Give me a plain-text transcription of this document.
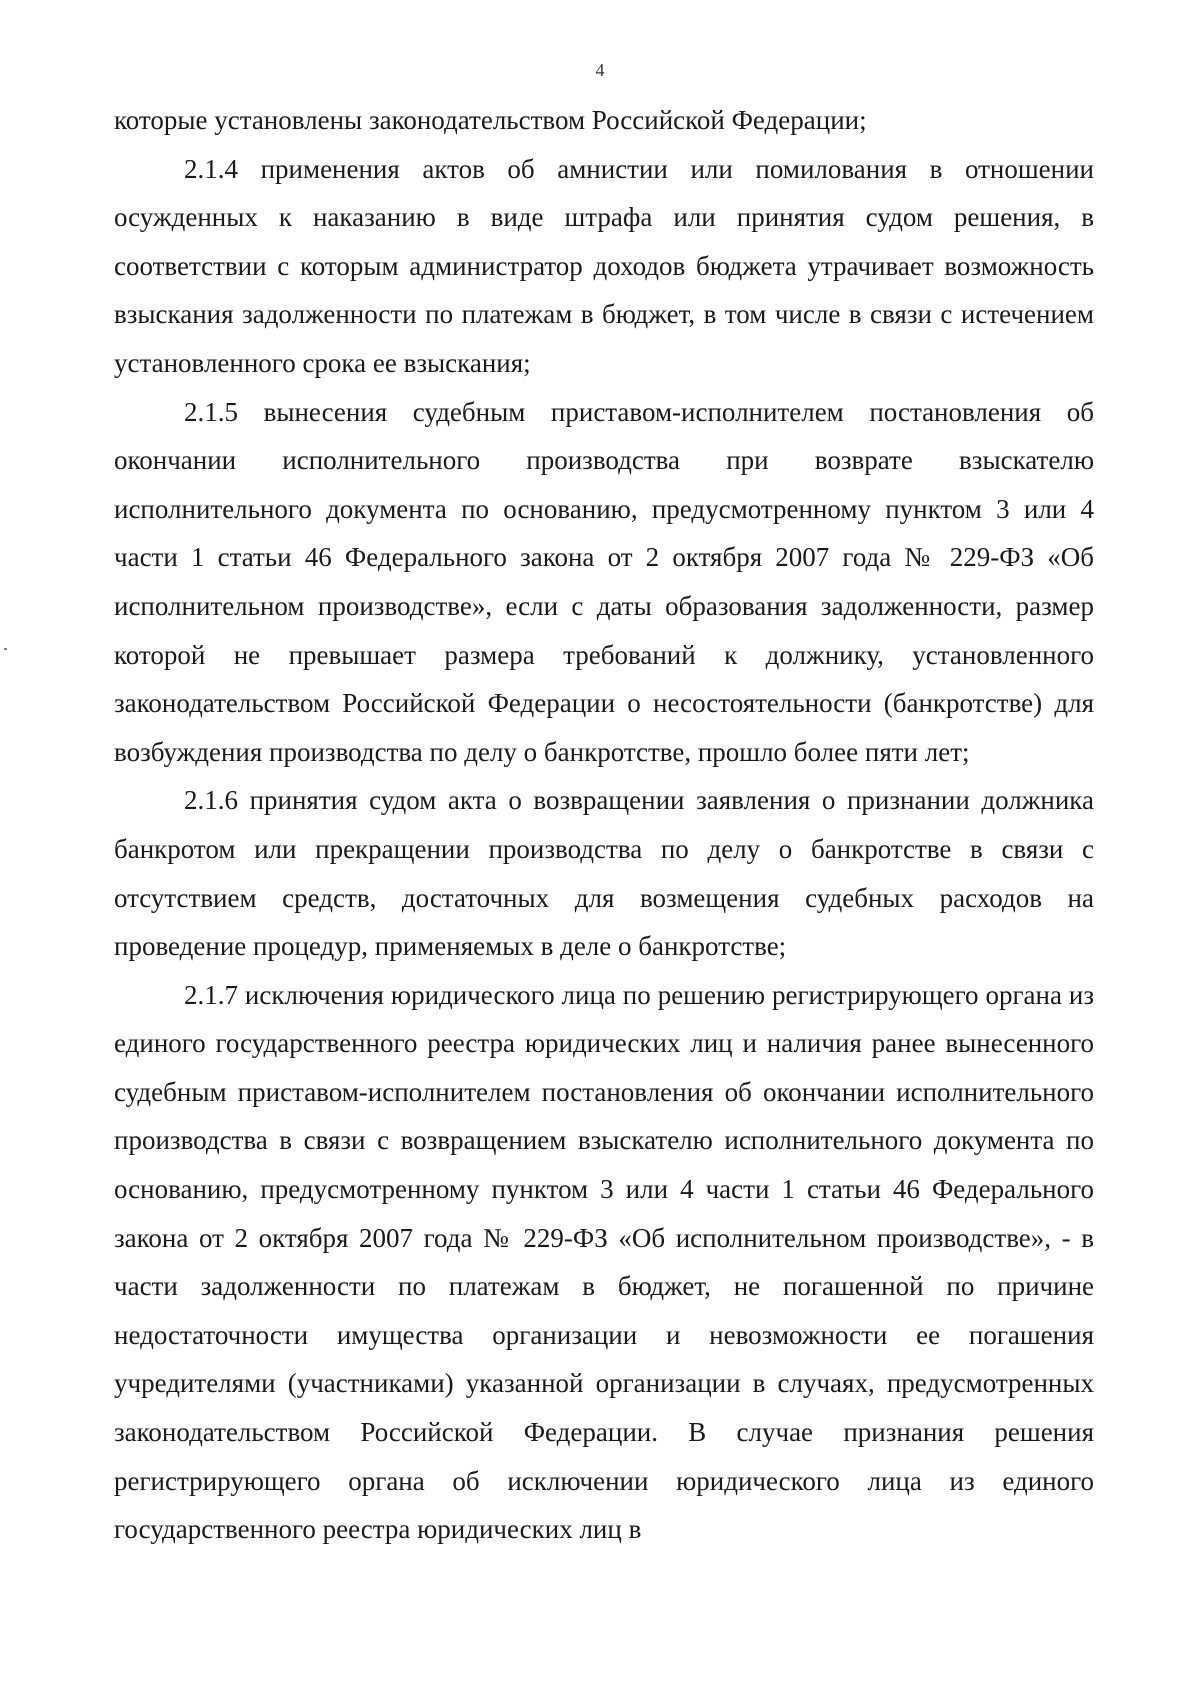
4

которые установлены законодательством Российской Федерации;

2.1.4 применения актов об амнистии или помилования в отношении осужденных к наказанию в виде штрафа или принятия судом решения, в соответствии с которым администратор доходов бюджета утрачивает возможность взыскания задолженности по платежам в бюджет, в том числе в связи с истечением установленного срока ее взыскания;

2.1.5 вынесения судебным приставом-исполнителем постановления об окончании исполнительного производства при возврате взыскателю исполнительного документа по основанию, предусмотренному пунктом 3 или 4 части 1 статьи 46 Федерального закона от 2 октября 2007 года № 229-ФЗ «Об исполнительном производстве», если с даты образования задолженности, размер которой не превышает размера требований к должнику, установленного законодательством Российской Федерации о несостоятельности (банкротстве) для возбуждения производства по делу о банкротстве, прошло более пяти лет;

2.1.6 принятия судом акта о возвращении заявления о признании должника банкротом или прекращении производства по делу о банкротстве в связи с отсутствием средств, достаточных для возмещения судебных расходов на проведение процедур, применяемых в деле о банкротстве;

2.1.7 исключения юридического лица по решению регистрирующего органа из единого государственного реестра юридических лиц и наличия ранее вынесенного судебным приставом-исполнителем постановления об окончании исполнительного производства в связи с возвращением взыскателю исполнительного документа по основанию, предусмотренному пунктом 3 или 4 части 1 статьи 46 Федерального закона от 2 октября 2007 года № 229-ФЗ «Об исполнительном производстве», - в части задолженности по платежам в бюджет, не погашенной по причине недостаточности имущества организации и невозможности ее погашения учредителями (участниками) указанной организации в случаях, предусмотренных законодательством Российской Федерации. В случае признания решения регистрирующего органа об исключении юридического лица из единого государственного реестра юридических лиц в
